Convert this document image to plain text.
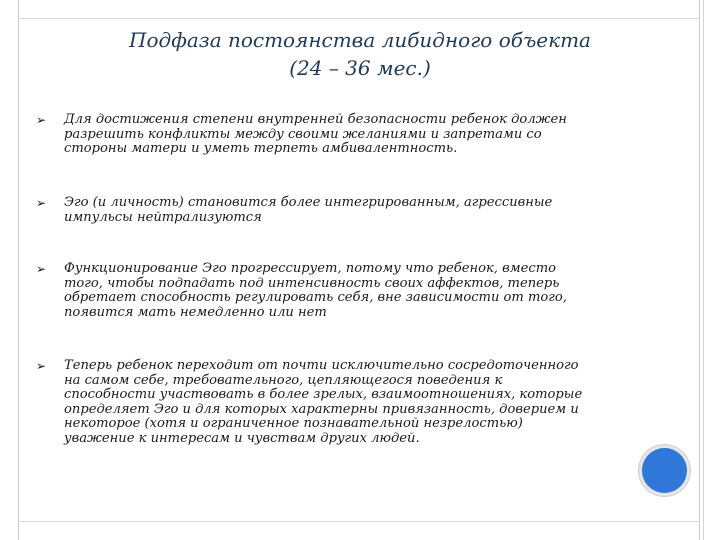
Подфаза постоянства либидного объекта
(24 – 36 мес.)
➢	Для достижения степени внутренней безопасности ребенок должен
разрешить конфликты между своими желаниями и запретами со
стороны матери и уметь терпеть амбивалентность.
➢	Эго (и личность) становится более интегрированным, агрессивные
импульсы нейтрализуются
➢	Функционирование Эго прогрессирует, потому что ребенок, вместо
того, чтобы подпадать под интенсивность своих аффектов, теперь
обретает способность регулировать себя, вне зависимости от того,
появится мать немедленно или нет
➢	Теперь ребенок переходит от почти исключительно сосредоточенного
на самом себе, требовательного, цепляющегося поведения к
способности участвовать в более зрелых, взаимоотношениях, которые
определяет Эго и для которых характерны привязанность, доверием и
некоторое (хотя и ограниченное познавательной незрелостью)
уважение к интересам и чувствам других людей.
